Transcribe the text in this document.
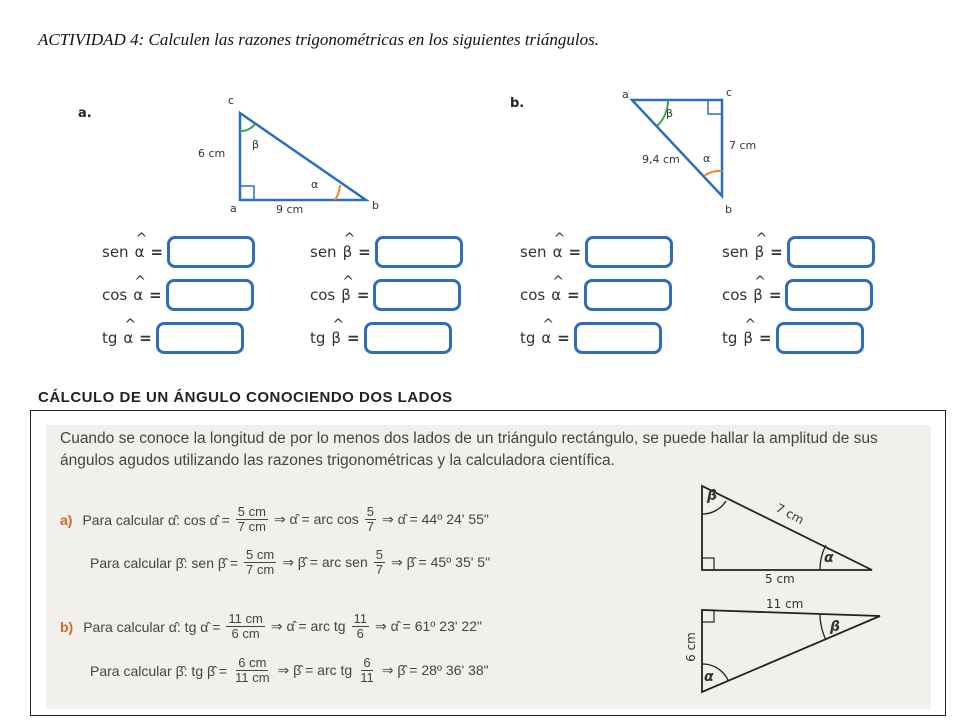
ACTIVIDAD 4: Calculen las razones trigonométricas en los siguientes triángulos.
a.
c
a	b
6 cm
9 cm
β
α
b.
a	c
b
7 cm
9,4 cm
β
α
sen ^ α =
cos ^ α =
tg ^ α =
sen ^ β =
cos ^ β =
tg ^ β =
sen ^ α =
cos ^ α =
tg ^ α =
sen ^ β =
cos ^ β =
tg ^ β =
CÁLCULO DE UN ÁNGULO CONOCIENDO DOS LADOS
Cuando se conoce la longitud de por lo menos dos lados de un triángulo rectángulo, se puede hallar la amplitud de sus ángulos agudos utilizando las razones trigonométricas y la calculadora científica.
a) Para calcular α̂: cos α̂ = $\frac{5 cm}{7 cm}$ ⇒ α̂ = arc $\cos \frac{5}{7}$ ⇒ α̂ = 44º 24' 55"
Para calcular β̂: sen β̂ = $\frac{5 cm}{7 cm}$ ⇒ β̂ = arc sen $\frac{5}{7}$ ⇒ β̂ = 45º 35' 5"
b) Para calcular α̂: tg α̂ = $\frac{11 cm}{6 cm}$ ⇒ α̂ = arc tg $\frac{11}{6}$ ⇒ α̂ = 61º 23' 22"
Para calcular β̂: tg β̂ = $\frac{6 cm}{11 cm}$ ⇒ β̂ = arc tg $\frac{6}{11}$ ⇒ β̂ = 28º 36' 38"
β
α
7 cm
5 cm
11 cm
6 cm
β
α
